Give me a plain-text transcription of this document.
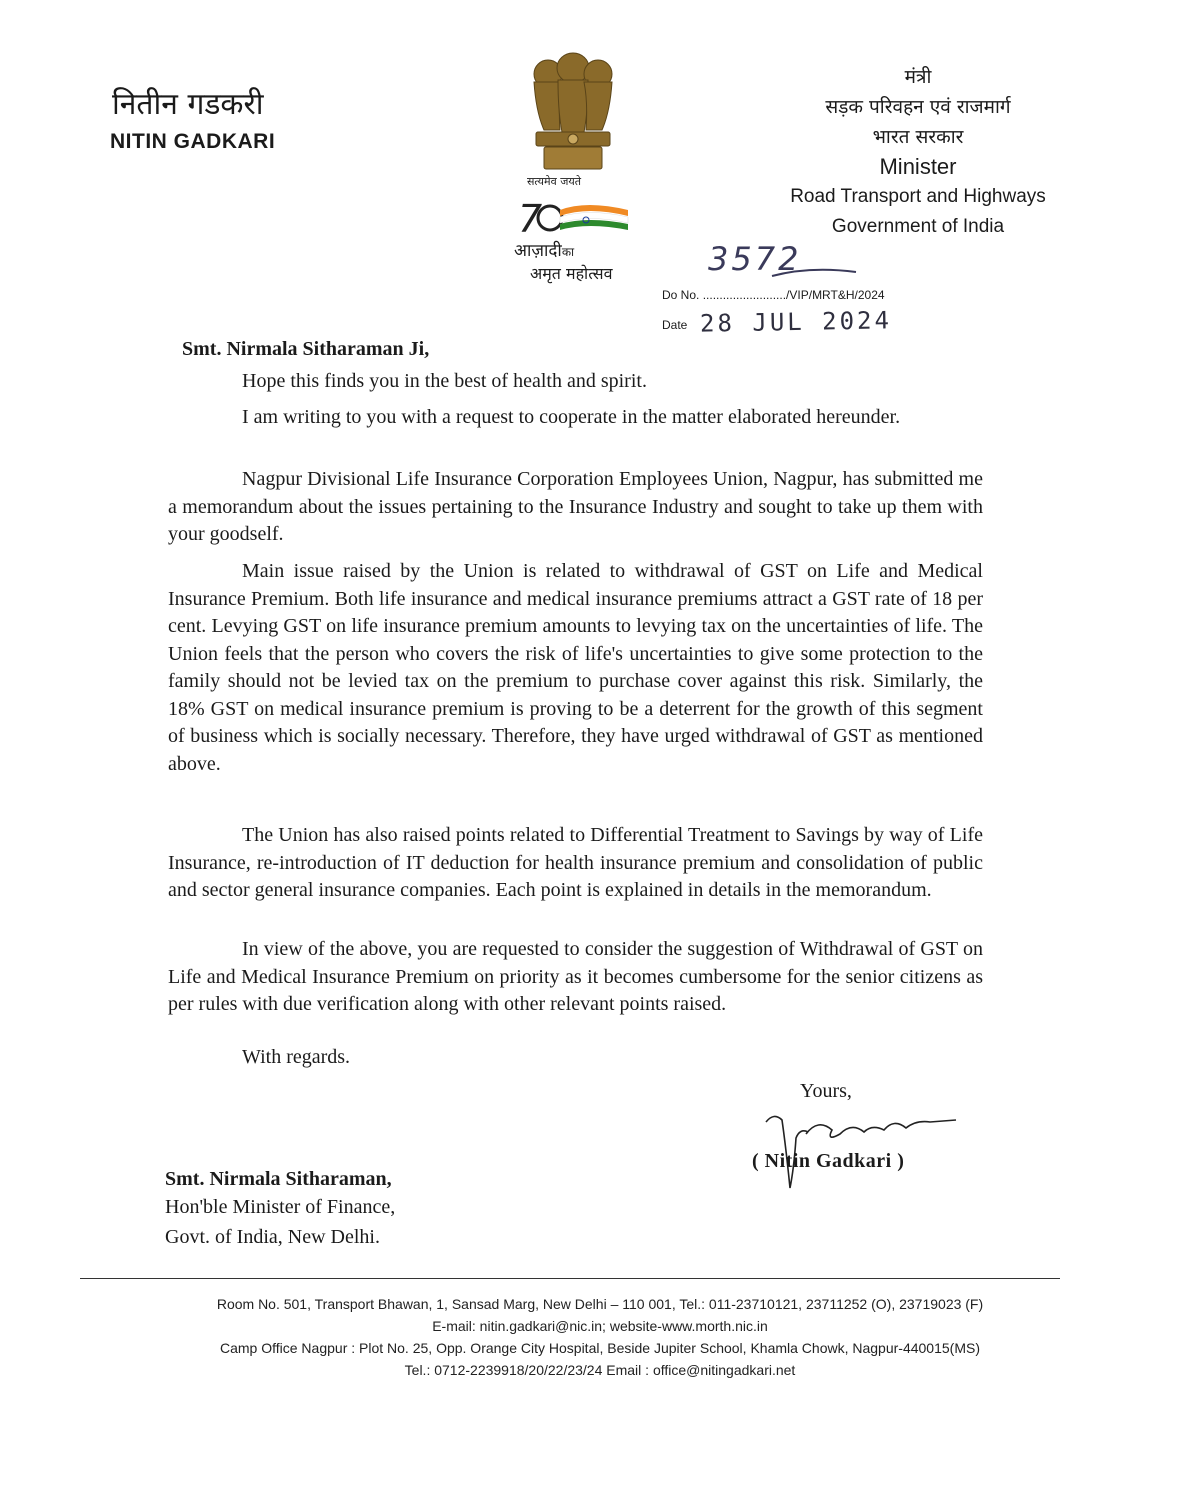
नितीन गडकरी
NITIN GADKARI
सत्यमेव जयते
7
आज़ादीका
अमृत महोत्सव
मंत्री
सड़क परिवहन एवं राजमार्ग
भारत सरकार
Minister
Road Transport and Highways
Government of India
3572
Do No. ........................./VIP/MRT&H/2024
Date 28 JUL 2024
Smt. Nirmala Sitharaman Ji,
Hope this finds you in the best of health and spirit.
I am writing to you with a request to cooperate in the matter elaborated hereunder.
Nagpur Divisional Life Insurance Corporation Employees Union, Nagpur, has submitted me a memorandum about the issues pertaining to the Insurance Industry and sought to take up them with your goodself.
Main issue raised by the Union is related to withdrawal of GST on Life and Medical Insurance Premium. Both life insurance and medical insurance premiums attract a GST rate of 18 per cent. Levying GST on life insurance premium amounts to levying tax on the uncertainties of life. The Union feels that the person who covers the risk of life's uncertainties to give some protection to the family should not be levied tax on the premium to purchase cover against this risk. Similarly, the 18% GST on medical insurance premium is proving to be a deterrent for the growth of this segment of business which is socially necessary. Therefore, they have urged withdrawal of GST as mentioned above.
The Union has also raised points related to Differential Treatment to Savings by way of Life Insurance, re-introduction of IT deduction for health insurance premium and consolidation of public and sector general insurance companies. Each point is explained in details in the memorandum.
In view of the above, you are requested to consider the suggestion of Withdrawal of GST on Life and Medical Insurance Premium on priority as it becomes cumbersome for the senior citizens as per rules with due verification along with other relevant points raised.
With regards.
Yours,
( Nitin Gadkari )
Smt. Nirmala Sitharaman,
Hon'ble Minister of Finance,
Govt. of India, New Delhi.
Room No. 501, Transport Bhawan, 1, Sansad Marg, New Delhi – 110 001, Tel.: 011-23710121, 23711252 (O), 23719023 (F)
E-mail: nitin.gadkari@nic.in; website-www.morth.nic.in
Camp Office Nagpur : Plot No. 25, Opp. Orange City Hospital, Beside Jupiter School, Khamla Chowk, Nagpur-440015(MS)
Tel.: 0712-2239918/20/22/23/24 Email : office@nitingadkari.net
